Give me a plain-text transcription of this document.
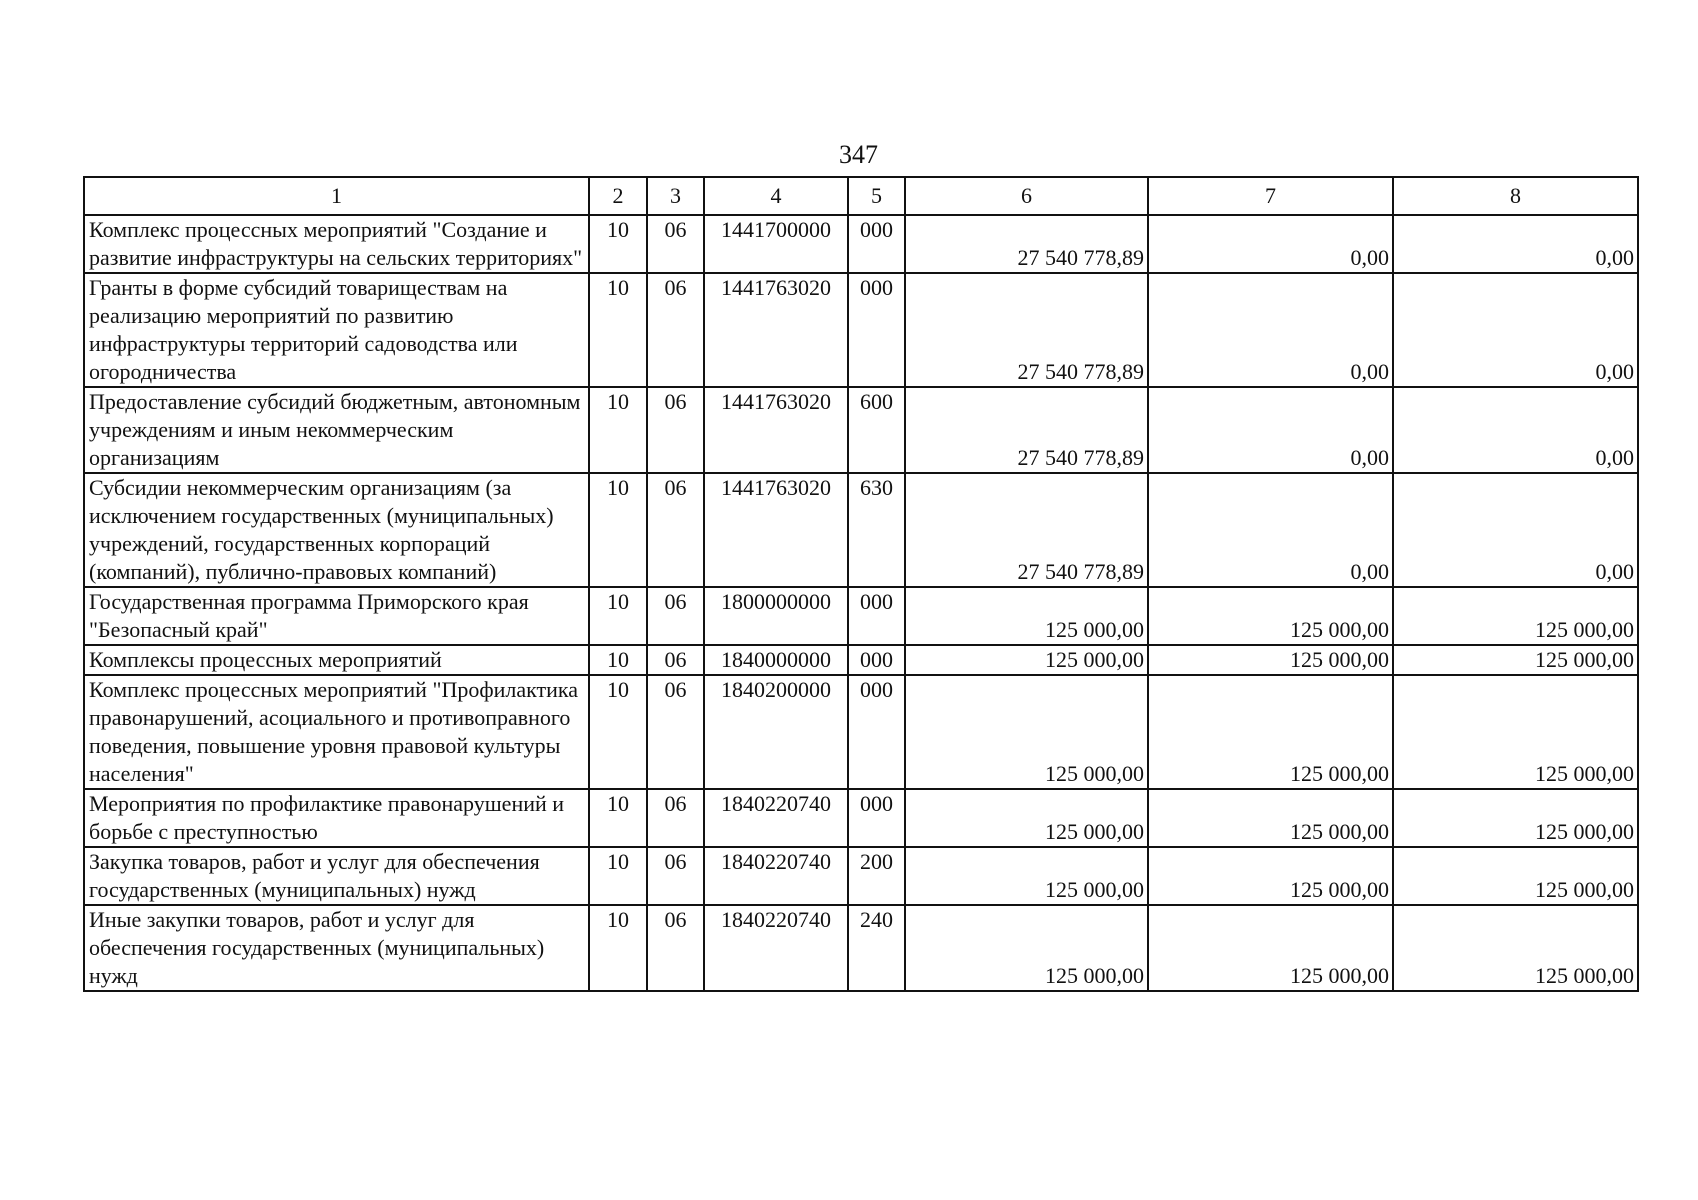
347
1	2	3	4	5	6	7	8
Комплекс процессных мероприятий "Создание и развитие инфраструктуры на сельских территориях"	10	06	1441700000	000	27 540 778,89	0,00	0,00
Гранты в форме субсидий товариществам на реализацию мероприятий по развитию инфраструктуры территорий садоводства или огородничества	10	06	1441763020	000	27 540 778,89	0,00	0,00
Предоставление субсидий бюджетным, автономным учреждениям и иным некоммерческим организациям	10	06	1441763020	600	27 540 778,89	0,00	0,00
Субсидии некоммерческим организациям (за исключением государственных (муниципальных) учреждений, государственных корпораций (компаний), публично-правовых компаний)	10	06	1441763020	630	27 540 778,89	0,00	0,00
Государственная программа Приморского края "Безопасный край"	10	06	1800000000	000	125 000,00	125 000,00	125 000,00
Комплексы процессных мероприятий	10	06	1840000000	000	125 000,00	125 000,00	125 000,00
Комплекс процессных мероприятий "Профилактика правонарушений, асоциального и противоправного поведения, повышение уровня правовой культуры населения"	10	06	1840200000	000	125 000,00	125 000,00	125 000,00
Мероприятия по профилактике правонарушений и борьбе с преступностью	10	06	1840220740	000	125 000,00	125 000,00	125 000,00
Закупка товаров, работ и услуг для обеспечения государственных (муниципальных) нужд	10	06	1840220740	200	125 000,00	125 000,00	125 000,00
Иные закупки товаров, работ и услуг для обеспечения государственных (муниципальных) нужд	10	06	1840220740	240	125 000,00	125 000,00	125 000,00
